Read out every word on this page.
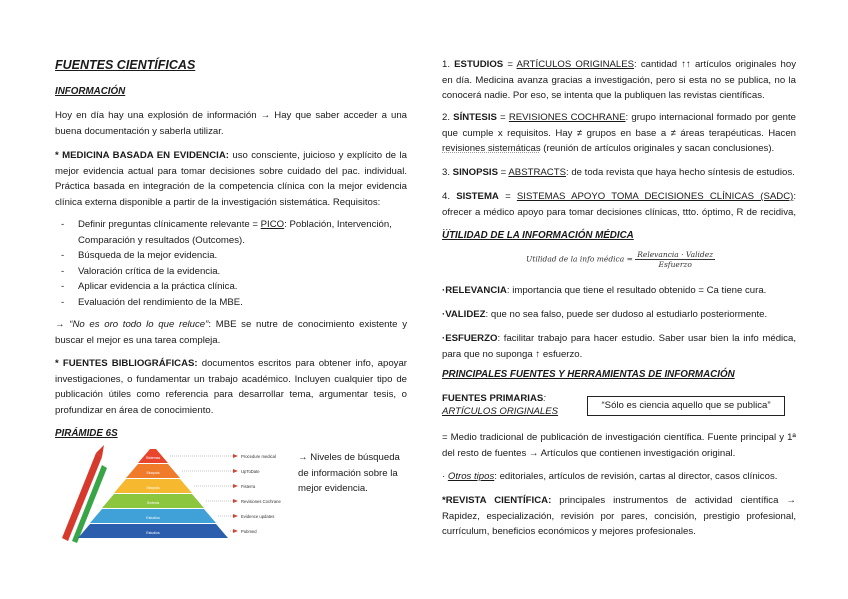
FUENTES CIENTÍFICAS
INFORMACIÓN

Hoy en día hay una explosión de información → Hay que saber acceder a una buena documentación y saberla utilizar.

* MEDICINA BASADA EN EVIDENCIA: uso consciente, juicioso y explícito de la mejor evidencia actual para tomar decisiones sobre cuidado del pac. individual. Práctica basada en integración de la competencia clínica con la mejor evidencia clínica externa disponible a partir de la investigación sistemática. Requisitos:

- Definir preguntas clínicamente relevante = PICO: Población, Intervención, Comparación y resultados (Outcomes).
- Búsqueda de la mejor evidencia.
- Valoración crítica de la evidencia.
- Aplicar evidencia a la práctica clínica.
- Evaluación del rendimiento de la MBE.

→ “No es oro todo lo que reluce”: MBE se nutre de conocimiento existente y buscar el mejor es una tarea compleja.

* FUENTES BIBLIOGRÁFICAS: documentos escritos para obtener info, apoyar investigaciones, o fundamentar un trabajo académico. Incluyen cualquier tipo de publicación útiles como referencia para desarrollar tema, argumentar tesis, o profundizar en área de conocimiento.

PIRÁMIDE 6S
Sistemas
Sinopsis
Sinopsis
Síntesis
Estudios
Estudios
Procedure medical
UpToDate
Fisterra
Revisiones Cochrane
Evidence updates
Pubmed

→ Niveles de búsqueda de información sobre la mejor evidencia.

1. ESTUDIOS = ARTÍCULOS ORIGINALES: cantidad ↑↑ artículos originales hoy en día. Medicina avanza gracias a investigación, pero si esta no se publica, no la conocerá nadie. Por eso, se intenta que la publiquen las revistas científicas.

2. SÍNTESIS = REVISIONES COCHRANE: grupo internacional formado por gente que cumple x requisitos. Hay ≠ grupos en base a ≠ áreas terapéuticas. Hacen revisiones sistemáticas (reunión de artículos originales y sacan conclusiones).

3. SINOPSIS = ABSTRACTS: de toda revista que haya hecho síntesis de estudios.

4. SISTEMA = SISTEMAS APOYO TOMA DECISIONES CLÍNICAS (SADC): ofrecer a médico apoyo para tomar decisiones clínicas, ttto. óptimo, R de recidiva, …

UTILIDAD DE LA INFORMACIÓN MÉDICA
Utilidad de la info médica = $\frac{\text{Relevancia · Validez}}{\text{Esfuerzo}}$

·RELEVANCIA: importancia que tiene el resultado obtenido = Ca tiene cura.

·VALIDEZ: que no sea falso, puede ser dudoso al estudiarlo posteriormente.

·ESFUERZO: facilitar trabajo para hacer estudio. Saber usar bien la info médica, para que no suponga ↑ esfuerzo.

PRINCIPALES FUENTES Y HERRAMIENTAS DE INFORMACIÓN
FUENTES PRIMARIAS:
ARTÍCULOS ORIGINALES
“Sólo es ciencia aquello que se publica”

= Medio tradicional de publicación de investigación científica. Fuente principal y 1ª del resto de fuentes → Artículos que contienen investigación original.

· Otros tipos: editoriales, artículos de revisión, cartas al director, casos clínicos.

*REVISTA CIENTÍFICA: principales instrumentos de actividad científica → Rapidez, especialización, revisión por pares, concisión, prestigio profesional, currículum, beneficios económicos y mejores profesionales.
